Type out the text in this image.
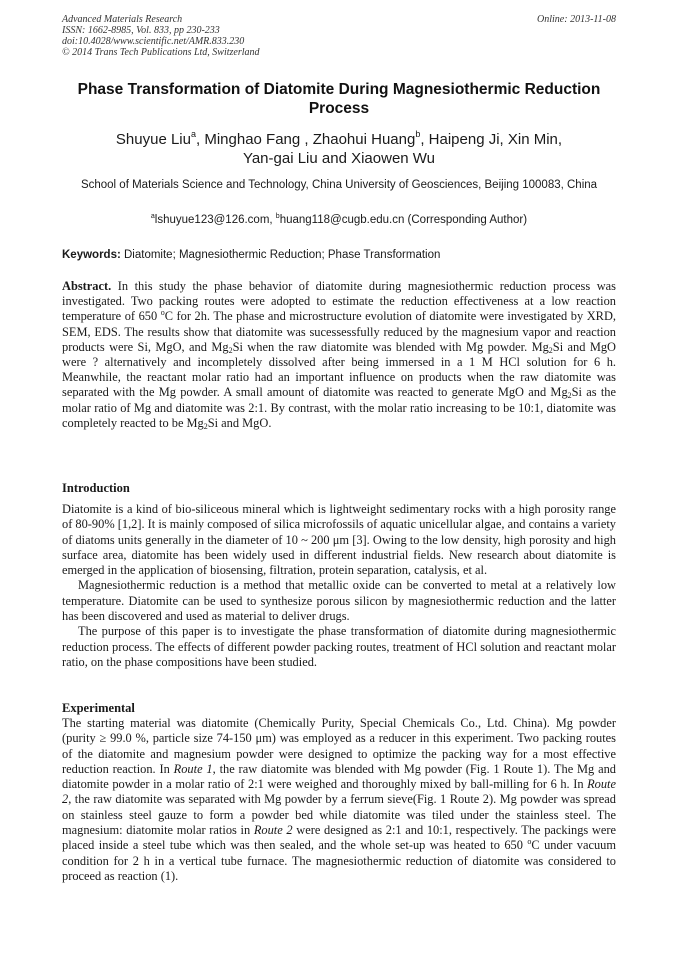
Advanced Materials Research
ISSN: 1662-8985, Vol. 833, pp 230-233
doi:10.4028/www.scientific.net/AMR.833.230
© 2014 Trans Tech Publications Ltd, Switzerland
Online: 2013-11-08
Phase Transformation of Diatomite During Magnesiothermic Reduction Process
Shuyue Liu$^a$, Minghao Fang , Zhaohui Huang$^b$, Haipeng Ji, Xin Min,
Yan-gai Liu and Xiaowen Wu
School of Materials Science and Technology, China University of Geosciences, Beijing 100083, China
$^a$lshuyue123@126.com, $^b$huang118@cugb.edu.cn (Corresponding Author)
Keywords: Diatomite; Magnesiothermic Reduction; Phase Transformation
Abstract. In this study the phase behavior of diatomite during magnesiothermic reduction process was investigated. Two packing routes were adopted to estimate the reduction effectiveness at a low reaction temperature of 650 $^o$C for 2h. The phase and microstructure evolution of diatomite were investigated by XRD, SEM, EDS. The results show that diatomite was sucessessfully reduced by the magnesium vapor and reaction products were Si, MgO, and $Mg_2Si$ when the raw diatomite was blended with Mg powder. $Mg_2Si$ and MgO were ? alternatively and incompletely dissolved after being immersed in a 1 M HCl solution for 6 h. Meanwhile, the reactant molar ratio had an important influence on products when the raw diatomite was separated with the Mg powder. A small amount of diatomite was reacted to generate MgO and $Mg_2Si$ as the molar ratio of Mg and diatomite was 2:1. By contrast, with the molar ratio increasing to be 10:1, diatomite was completely reacted to be $Mg_2Si$ and MgO.
Introduction

Diatomite is a kind of bio-siliceous mineral which is lightweight sedimentary rocks with a high porosity range of 80-90% [1,2]. It is mainly composed of silica microfossils of aquatic unicellular algae, and contains a variety of diatoms units generally in the diameter of 10 ~ 200 μm [3]. Owing to the low density, high porosity and high surface area, diatomite has been widely used in different industrial fields. New research about diatomite is emerged in the application of biosensing, filtration, protein separation, catalysis, et al.

Magnesiothermic reduction is a method that metallic oxide can be converted to metal at a relatively low temperature. Diatomite can be used to synthesize porous silicon by magnesiothermic reduction and the latter has been discovered and used as material to deliver drugs.

The purpose of this paper is to investigate the phase transformation of diatomite during magnesiothermic reduction process. The effects of different powder packing routes, treatment of HCl solution and reactant molar ratio, on the phase compositions have been studied.

Experimental
The starting material was diatomite (Chemically Purity, Special Chemicals Co., Ltd. China). Mg powder (purity ≥ 99.0 %, particle size 74-150 μm) was employed as a reducer in this experiment. Two packing routes of the diatomite and magnesium powder were designed to optimize the packing way for a most effective reduction reaction. In Route 1, the raw diatomite was blended with Mg powder (Fig. 1 Route 1). The Mg and diatomite powder in a molar ratio of 2:1 were weighed and thoroughly mixed by ball-milling for 6 h. In Route 2, the raw diatomite was separated with Mg powder by a ferrum sieve(Fig. 1 Route 2). Mg powder was spread on stainless steel gauze to form a powder bed while diatomite was tiled under the stainless steel. The magnesium: diatomite molar ratios in Route 2 were designed as 2:1 and 10:1, respectively. The packings were placed inside a steel tube which was then sealed, and the whole set-up was heated to 650 $^o$C under vacuum condition for 2 h in a vertical tube furnace. The magnesiothermic reduction of diatomite was considered to proceed as reaction (1).
